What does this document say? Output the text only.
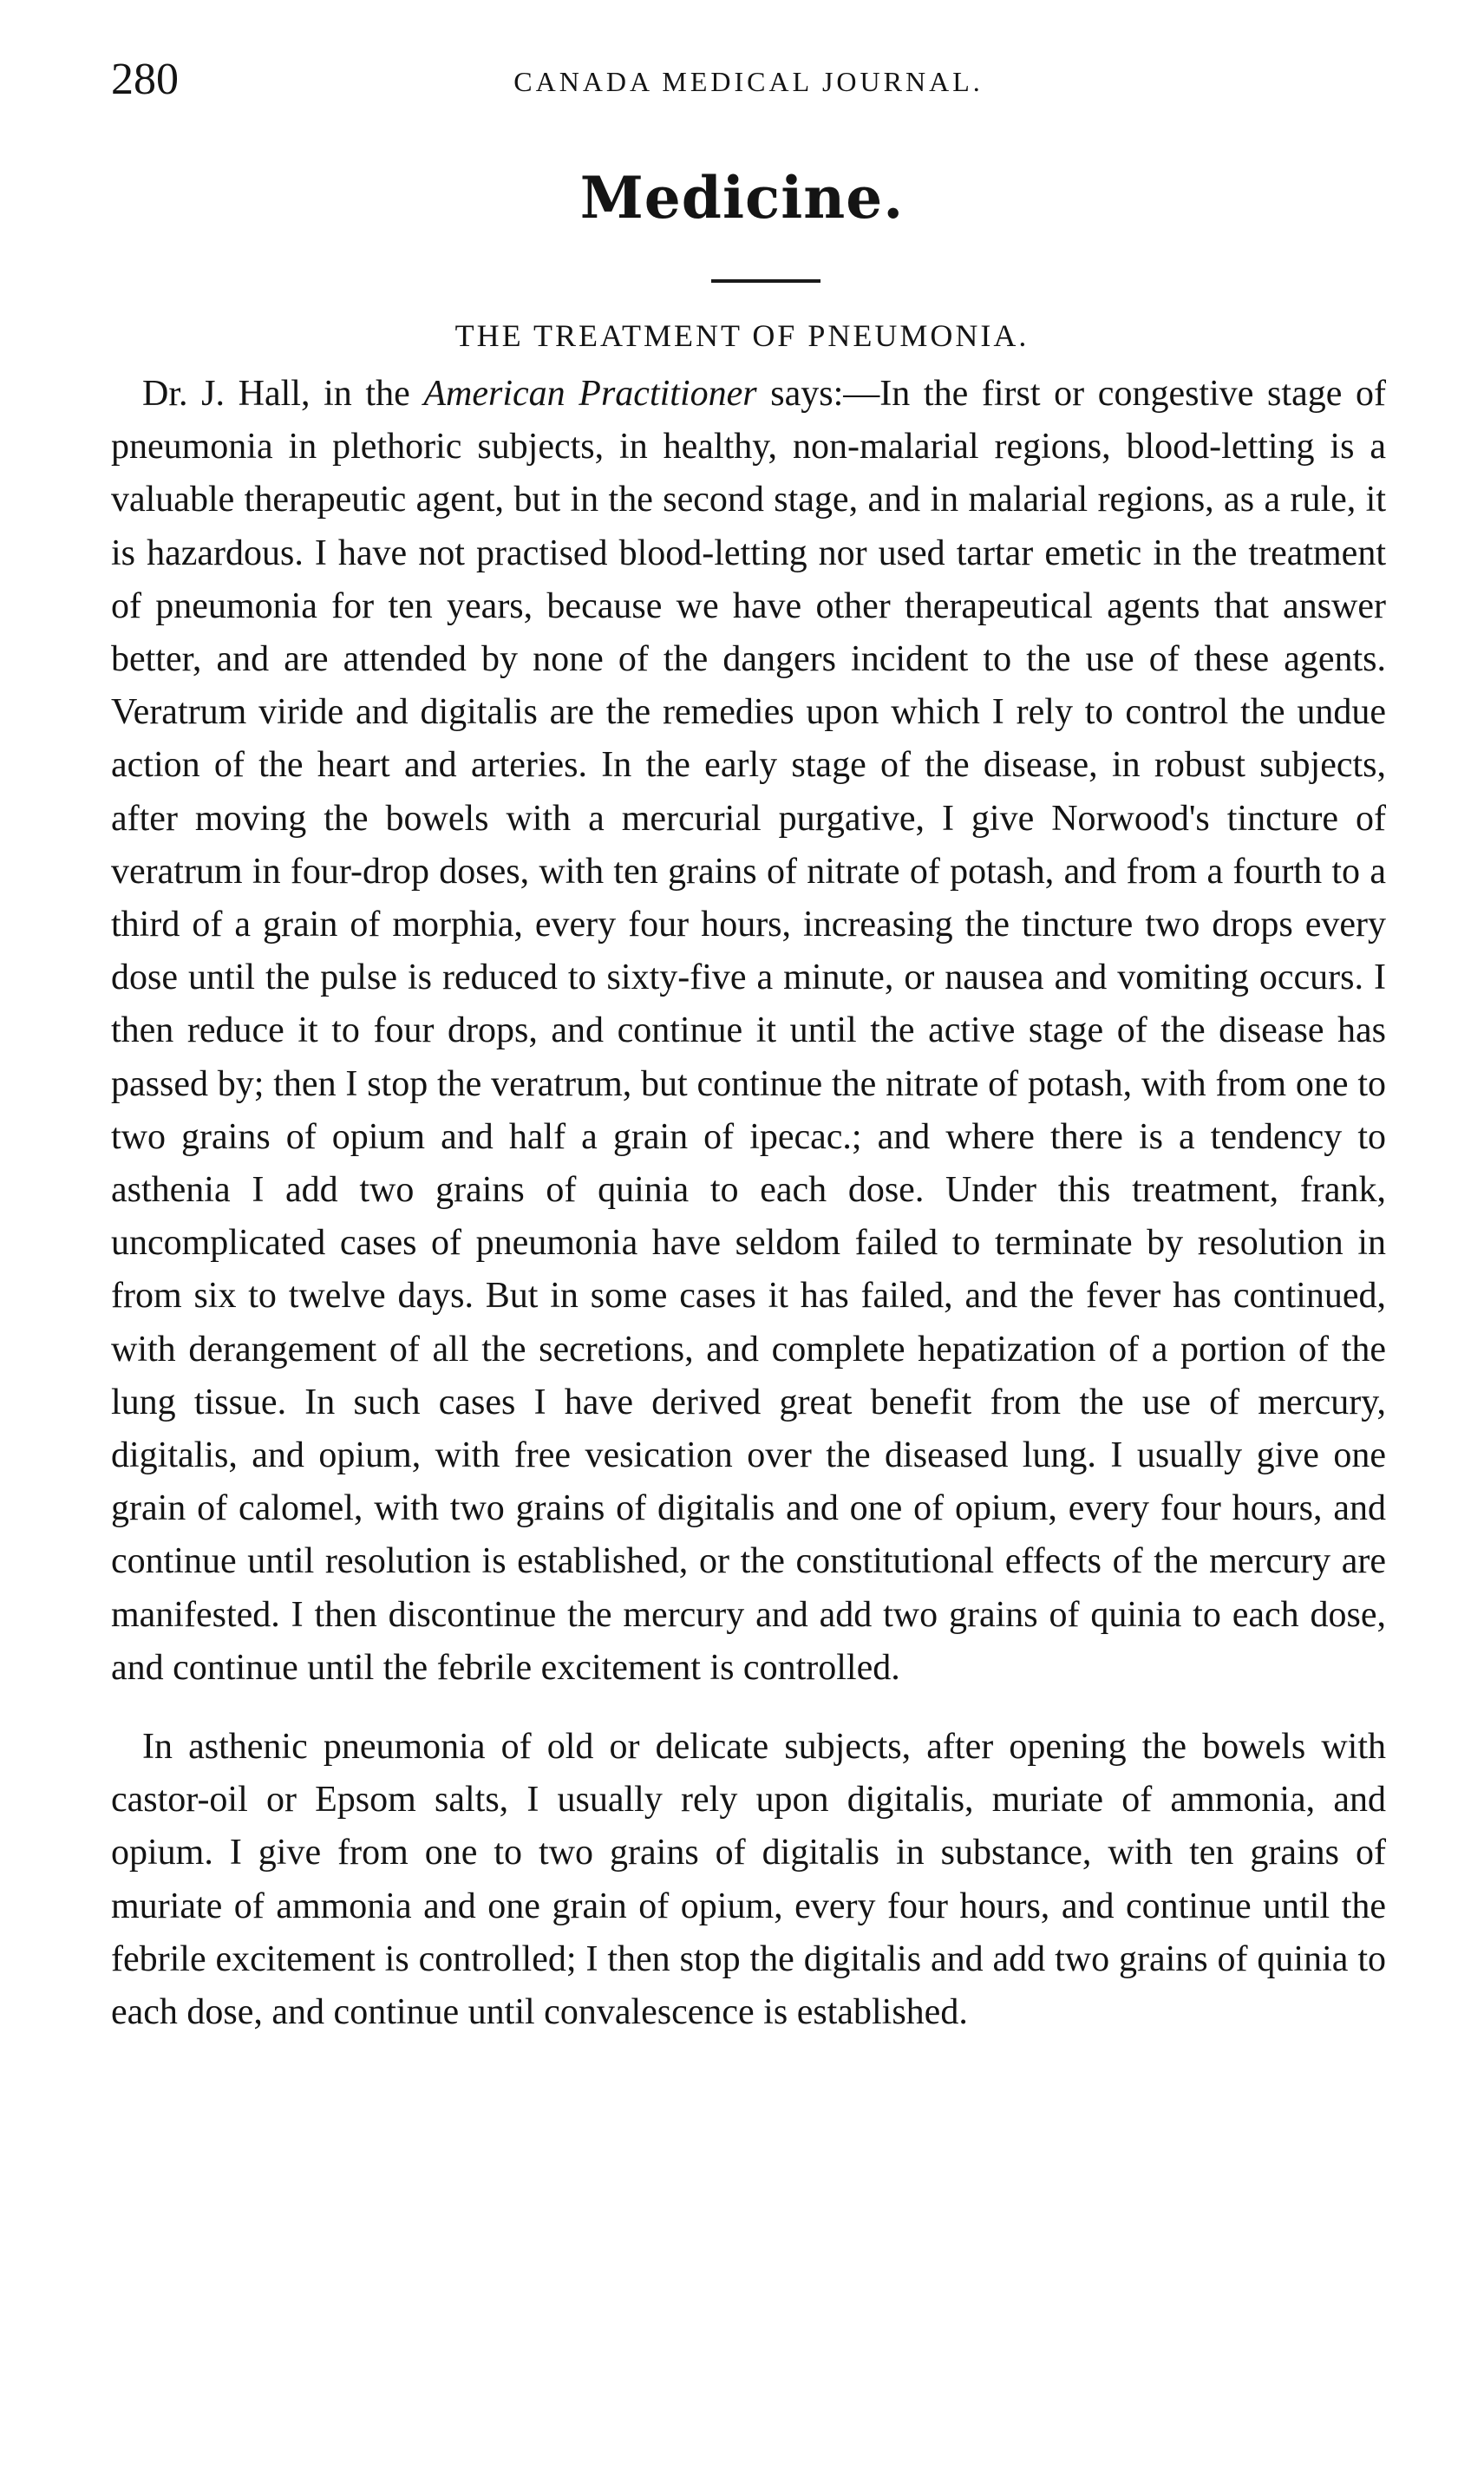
280	CANADA MEDICAL JOURNAL.
Medicine.
THE TREATMENT OF PNEUMONIA.

Dr. J. Hall, in the American Practitioner says:—In the first or congestive stage of pneumonia in plethoric subjects, in healthy, non-malarial regions, blood-letting is a valuable therapeutic agent, but in the second stage, and in malarial regions, as a rule, it is hazardous. I have not practised blood-letting nor used tartar emetic in the treatment of pneumonia for ten years, because we have other therapeutical agents that answer better, and are attended by none of the dangers incident to the use of these agents. Veratrum viride and digitalis are the remedies upon which I rely to control the undue action of the heart and arteries. In the early stage of the disease, in robust subjects, after moving the bowels with a mercurial purgative, I give Norwood's tincture of veratrum in four-drop doses, with ten grains of nitrate of potash, and from a fourth to a third of a grain of morphia, every four hours, increasing the tincture two drops every dose until the pulse is reduced to sixty-five a minute, or nausea and vomiting occurs. I then reduce it to four drops, and continue it until the active stage of the disease has passed by; then I stop the veratrum, but continue the nitrate of potash, with from one to two grains of opium and half a grain of ipecac.; and where there is a tendency to asthenia I add two grains of quinia to each dose. Under this treatment, frank, uncomplicated cases of pneumonia have seldom failed to terminate by resolution in from six to twelve days. But in some cases it has failed, and the fever has continued, with derangement of all the secretions, and complete hepatization of a portion of the lung tissue. In such cases I have derived great benefit from the use of mercury, digitalis, and opium, with free vesication over the diseased lung. I usually give one grain of calomel, with two grains of digitalis and one of opium, every four hours, and continue until resolution is established, or the constitutional effects of the mercury are manifested. I then discontinue the mercury and add two grains of quinia to each dose, and continue until the febrile excitement is controlled.

In asthenic pneumonia of old or delicate subjects, after opening the bowels with castor-oil or Epsom salts, I usually rely upon digitalis, muriate of ammonia, and opium. I give from one to two grains of digitalis in substance, with ten grains of muriate of ammonia and one grain of opium, every four hours, and continue until the febrile excitement is controlled; I then stop the digitalis and add two grains of quinia to each dose, and continue until convalescence is established.
